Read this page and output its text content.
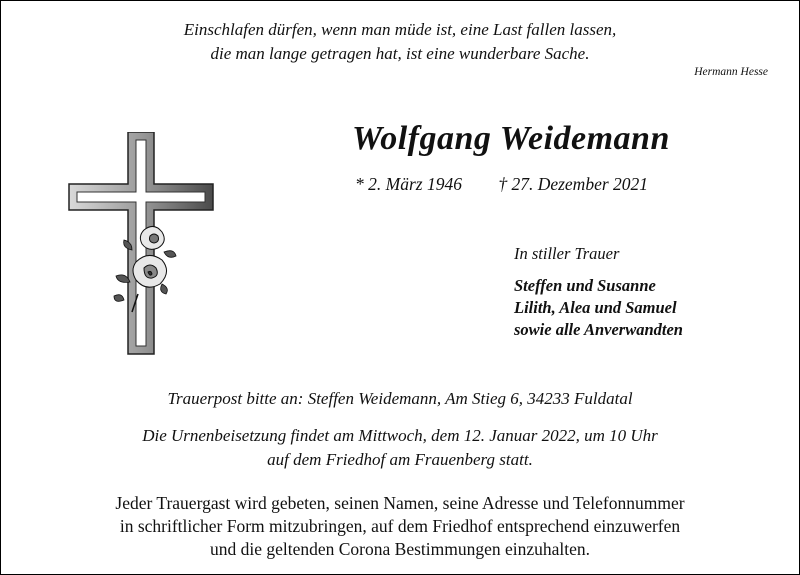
Einschlafen dürfen, wenn man müde ist, eine Last fallen lassen,
die man lange getragen hat, ist eine wunderbare Sache.
Hermann Hesse
Wolfgang Weidemann
* 2. März 1946 † 27. Dezember 2021
In stiller Trauer
Steffen und Susanne
Lilith, Alea und Samuel
sowie alle Anverwandten
Trauerpost bitte an: Steffen Weidemann, Am Stieg 6, 34233 Fuldatal
Die Urnenbeisetzung findet am Mittwoch, dem 12. Januar 2022, um 10 Uhr
auf dem Friedhof am Frauenberg statt.
Jeder Trauergast wird gebeten, seinen Namen, seine Adresse und Telefonnummer
in schriftlicher Form mitzubringen, auf dem Friedhof entsprechend einzuwerfen
und die geltenden Corona Bestimmungen einzuhalten.
